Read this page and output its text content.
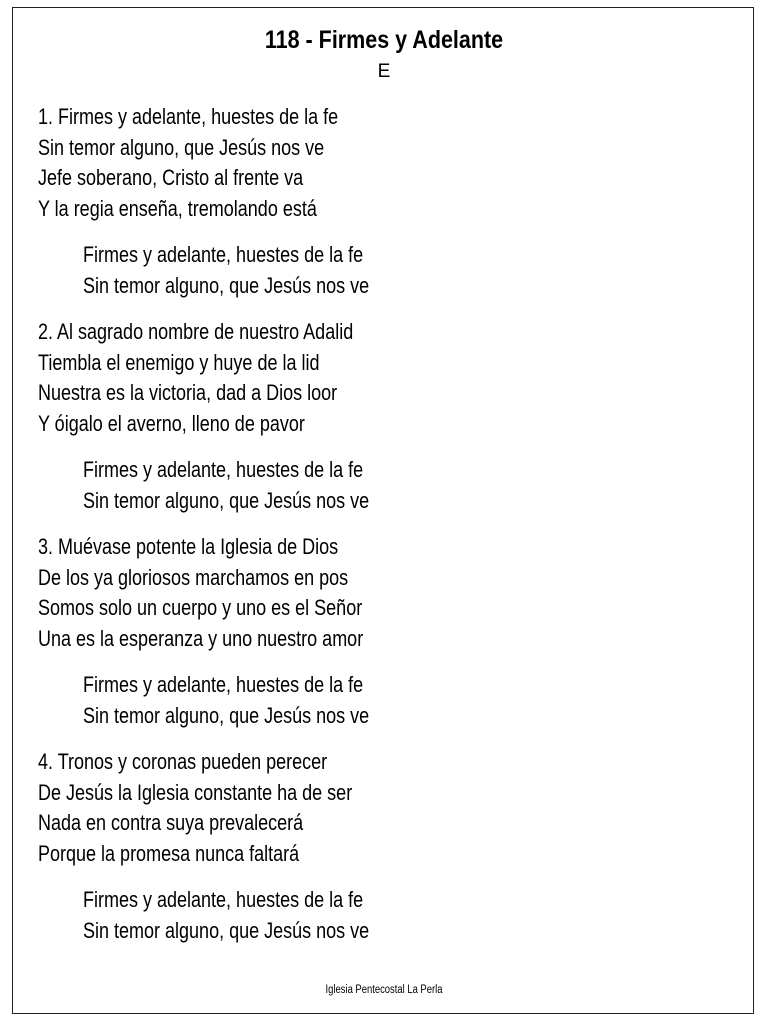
118 - Firmes y Adelante
E
1. Firmes y adelante, huestes de la fe
Sin temor alguno, que Jesús nos ve
Jefe soberano, Cristo al frente va
Y la regia enseña, tremolando está
Firmes y adelante, huestes de la fe
Sin temor alguno, que Jesús nos ve
2. Al sagrado nombre de nuestro Adalid
Tiembla el enemigo y huye de la lid
Nuestra es la victoria, dad a Dios loor
Y óigalo el averno, lleno de pavor
Firmes y adelante, huestes de la fe
Sin temor alguno, que Jesús nos ve
3. Muévase potente la Iglesia de Dios
De los ya gloriosos marchamos en pos
Somos solo un cuerpo y uno es el Señor
Una es la esperanza y uno nuestro amor
Firmes y adelante, huestes de la fe
Sin temor alguno, que Jesús nos ve
4. Tronos y coronas pueden perecer
De Jesús la Iglesia constante ha de ser
Nada en contra suya prevalecerá
Porque la promesa nunca faltará
Firmes y adelante, huestes de la fe
Sin temor alguno, que Jesús nos ve
Iglesia Pentecostal La Perla
